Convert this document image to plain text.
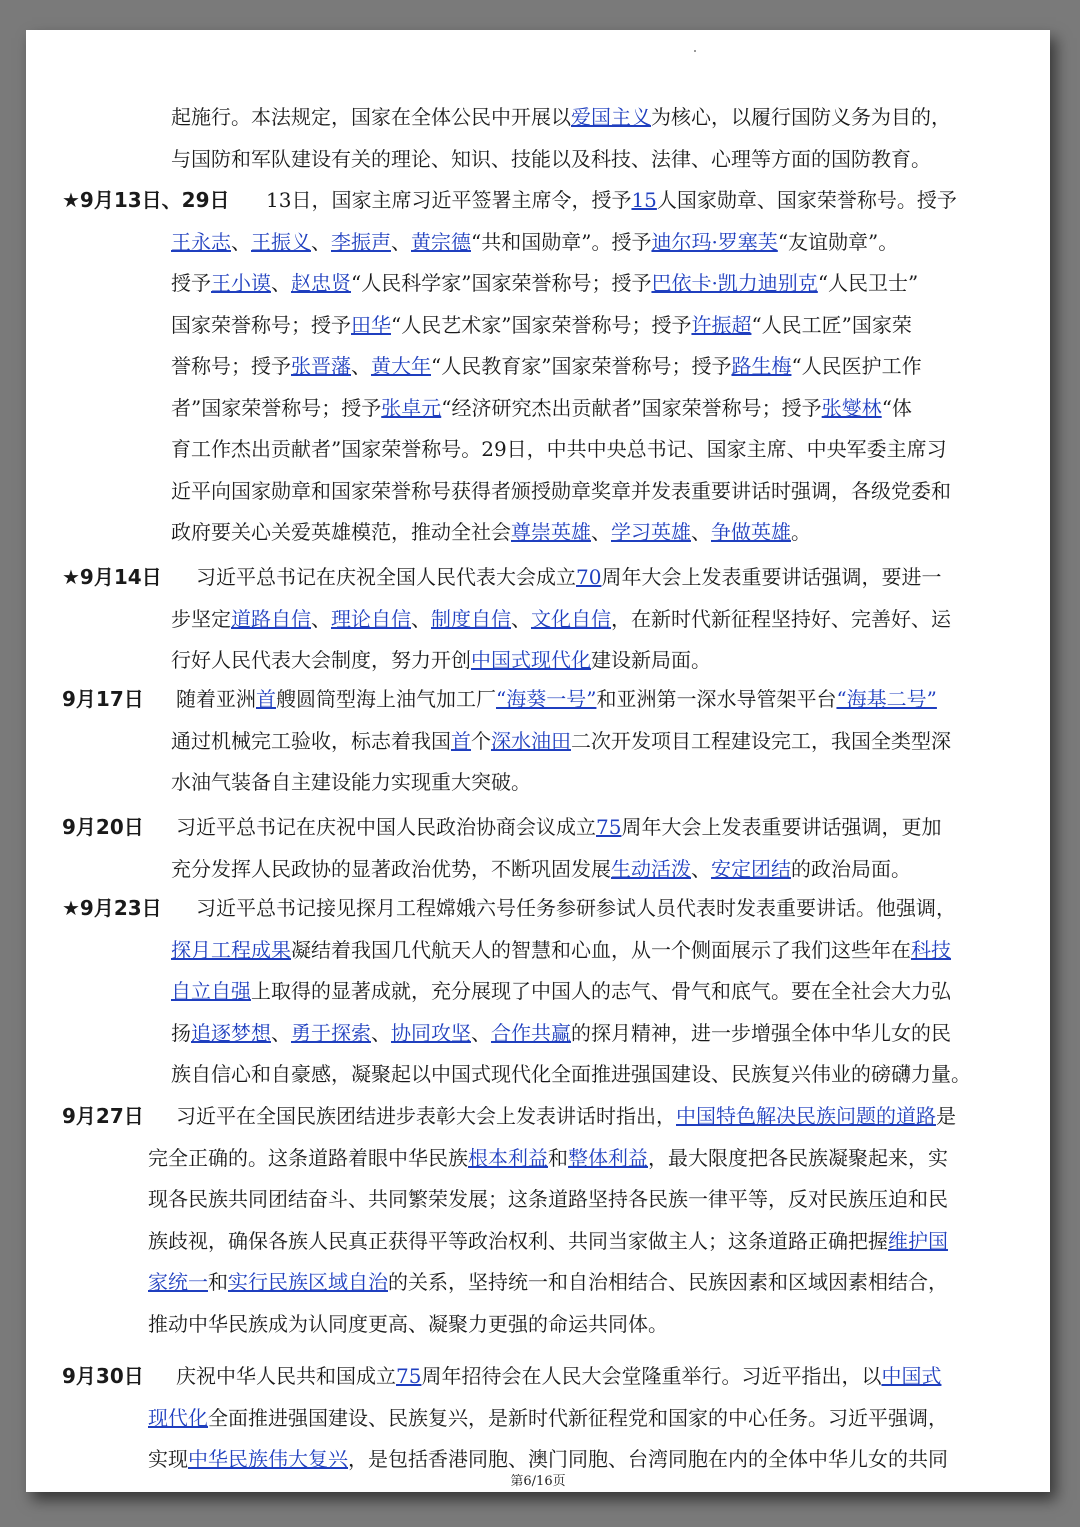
起施行。本法规定，国家在全体公民中开展以爱国主义为核心，以履行国防义务为目的，
与国防和军队建设有关的理论、知识、技能以及科技、法律、心理等方面的国防教育。
★9月13日、29日 13日，国家主席习近平签署主席令，授予15人国家勋章、国家荣誉称号。授予
王永志、王振义、李振声、黄宗德“共和国勋章”。授予迪尔玛·罗塞芙“友谊勋章”。
授予王小谟、赵忠贤“人民科学家”国家荣誉称号；授予巴依卡·凯力迪别克“人民卫士”
国家荣誉称号；授予田华“人民艺术家”国家荣誉称号；授予许振超“人民工匠”国家荣
誉称号；授予张晋藩、黄大年“人民教育家”国家荣誉称号；授予路生梅“人民医护工作
者”国家荣誉称号；授予张卓元“经济研究杰出贡献者”国家荣誉称号；授予张燮林“体
育工作杰出贡献者”国家荣誉称号。29日，中共中央总书记、国家主席、中央军委主席习
近平向国家勋章和国家荣誉称号获得者颁授勋章奖章并发表重要讲话时强调，各级党委和
政府要关心关爱英雄模范，推动全社会尊崇英雄、学习英雄、争做英雄。
★9月14日 习近平总书记在庆祝全国人民代表大会成立70周年大会上发表重要讲话强调，要进一
步坚定道路自信、理论自信、制度自信、文化自信，在新时代新征程坚持好、完善好、运
行好人民代表大会制度，努力开创中国式现代化建设新局面。
9月17日 随着亚洲首艘圆筒型海上油气加工厂“海葵一号”和亚洲第一深水导管架平台“海基二号”
通过机械完工验收，标志着我国首个深水油田二次开发项目工程建设完工，我国全类型深
水油气装备自主建设能力实现重大突破。
9月20日 习近平总书记在庆祝中国人民政治协商会议成立75周年大会上发表重要讲话强调，更加
充分发挥人民政协的显著政治优势，不断巩固发展生动活泼、安定团结的政治局面。
★9月23日 习近平总书记接见探月工程嫦娥六号任务参研参试人员代表时发表重要讲话。他强调，
探月工程成果凝结着我国几代航天人的智慧和心血，从一个侧面展示了我们这些年在科技
自立自强上取得的显著成就，充分展现了中国人的志气、骨气和底气。要在全社会大力弘
扬追逐梦想、勇于探索、协同攻坚、合作共赢的探月精神，进一步增强全体中华儿女的民
族自信心和自豪感，凝聚起以中国式现代化全面推进强国建设、民族复兴伟业的磅礴力量。
9月27日 习近平在全国民族团结进步表彰大会上发表讲话时指出，中国特色解决民族问题的道路是
完全正确的。这条道路着眼中华民族根本利益和整体利益，最大限度把各民族凝聚起来，实
现各民族共同团结奋斗、共同繁荣发展；这条道路坚持各民族一律平等，反对民族压迫和民
族歧视，确保各族人民真正获得平等政治权利、共同当家做主人；这条道路正确把握维护国
家统一和实行民族区域自治的关系，坚持统一和自治相结合、民族因素和区域因素相结合，
推动中华民族成为认同度更高、凝聚力更强的命运共同体。
9月30日 庆祝中华人民共和国成立75周年招待会在人民大会堂隆重举行。习近平指出，以中国式
现代化全面推进强国建设、民族复兴，是新时代新征程党和国家的中心任务。习近平强调，
实现中华民族伟大复兴，是包括香港同胞、澳门同胞、台湾同胞在内的全体中华儿女的共同
第6/16页
